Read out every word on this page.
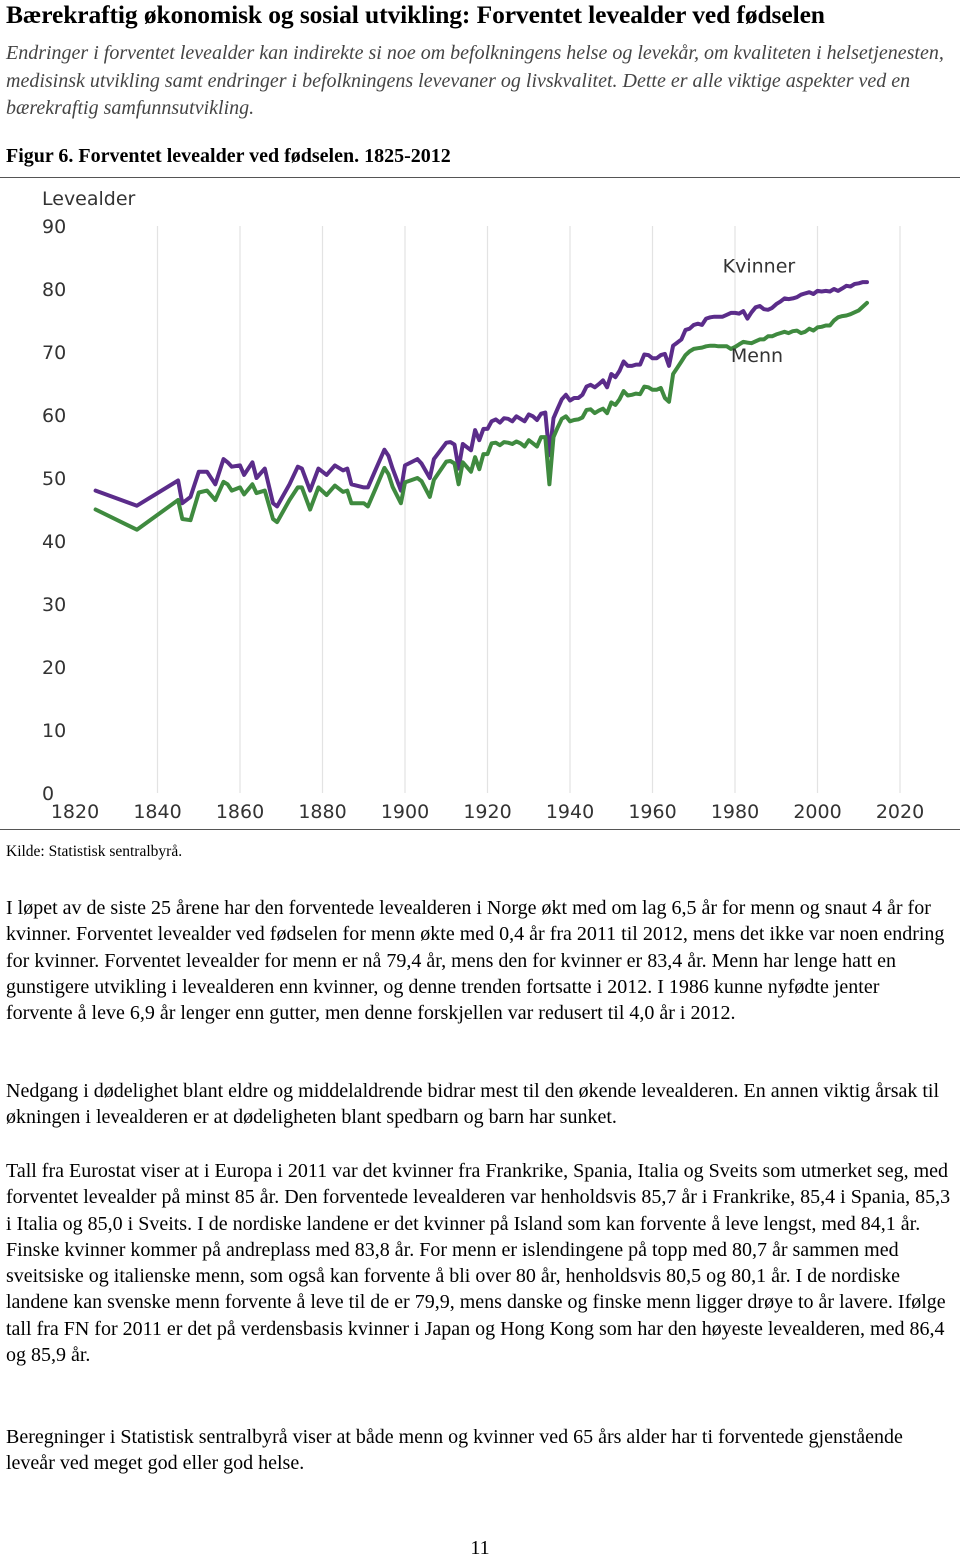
Bærekraftig økonomisk og sosial utvikling: Forventet levealder ved fødselen
Endringer i forventet levealder kan indirekte si noe om befolkningens helse og levekår, om kvaliteten i helsetjenesten, medisinsk utvikling samt endringer i befolkningens levevaner og livskvalitet. Dette er alle viktige aspekter ved en bærekraftig samfunnsutvikling.
Figur 6. Forventet levealder ved fødselen. 1825-2012
0
10
20
30
40
50
60
70
80
90
1820 1840 1860 1880 1900 1920 1940 1960 1980 2000 2020
Levealder
Kvinner
Menn
Kilde: Statistisk sentralbyrå.

I løpet av de siste 25 årene har den forventede levealderen i Norge økt med om lag 6,5 år for menn og snaut 4 år for kvinner. Forventet levealder ved fødselen for menn økte med 0,4 år fra 2011 til 2012, mens det ikke var noen endring for kvinner. Forventet levealder for menn er nå 79,4 år, mens den for kvinner er 83,4 år. Menn har lenge hatt en gunstigere utvikling i levealderen enn kvinner, og denne trenden fortsatte i 2012. I 1986 kunne nyfødte jenter forvente å leve 6,9 år lenger enn gutter, men denne forskjellen var redusert til 4,0 år i 2012.

Nedgang i dødelighet blant eldre og middelaldrende bidrar mest til den økende levealderen. En annen viktig årsak til økningen i levealderen er at dødeligheten blant spedbarn og barn har sunket.

Tall fra Eurostat viser at i Europa i 2011 var det kvinner fra Frankrike, Spania, Italia og Sveits som utmerket seg, med forventet levealder på minst 85 år. Den forventede levealderen var henholdsvis 85,7 år i Frankrike, 85,4 i Spania, 85,3 i Italia og 85,0 i Sveits. I de nordiske landene er det kvinner på Island som kan forvente å leve lengst, med 84,1 år. Finske kvinner kommer på andreplass med 83,8 år. For menn er islendingene på topp med 80,7 år sammen med sveitsiske og italienske menn, som også kan forvente å bli over 80 år, henholdsvis 80,5 og 80,1 år. I de nordiske landene kan svenske menn forvente å leve til de er 79,9, mens danske og finske menn ligger drøye to år lavere. Ifølge tall fra FN for 2011 er det på verdensbasis kvinner i Japan og Hong Kong som har den høyeste levealderen, med 86,4 og 85,9 år.

Beregninger i Statistisk sentralbyrå viser at både menn og kvinner ved 65 års alder har ti forventede gjenstående leveår ved meget god eller god helse.

11
